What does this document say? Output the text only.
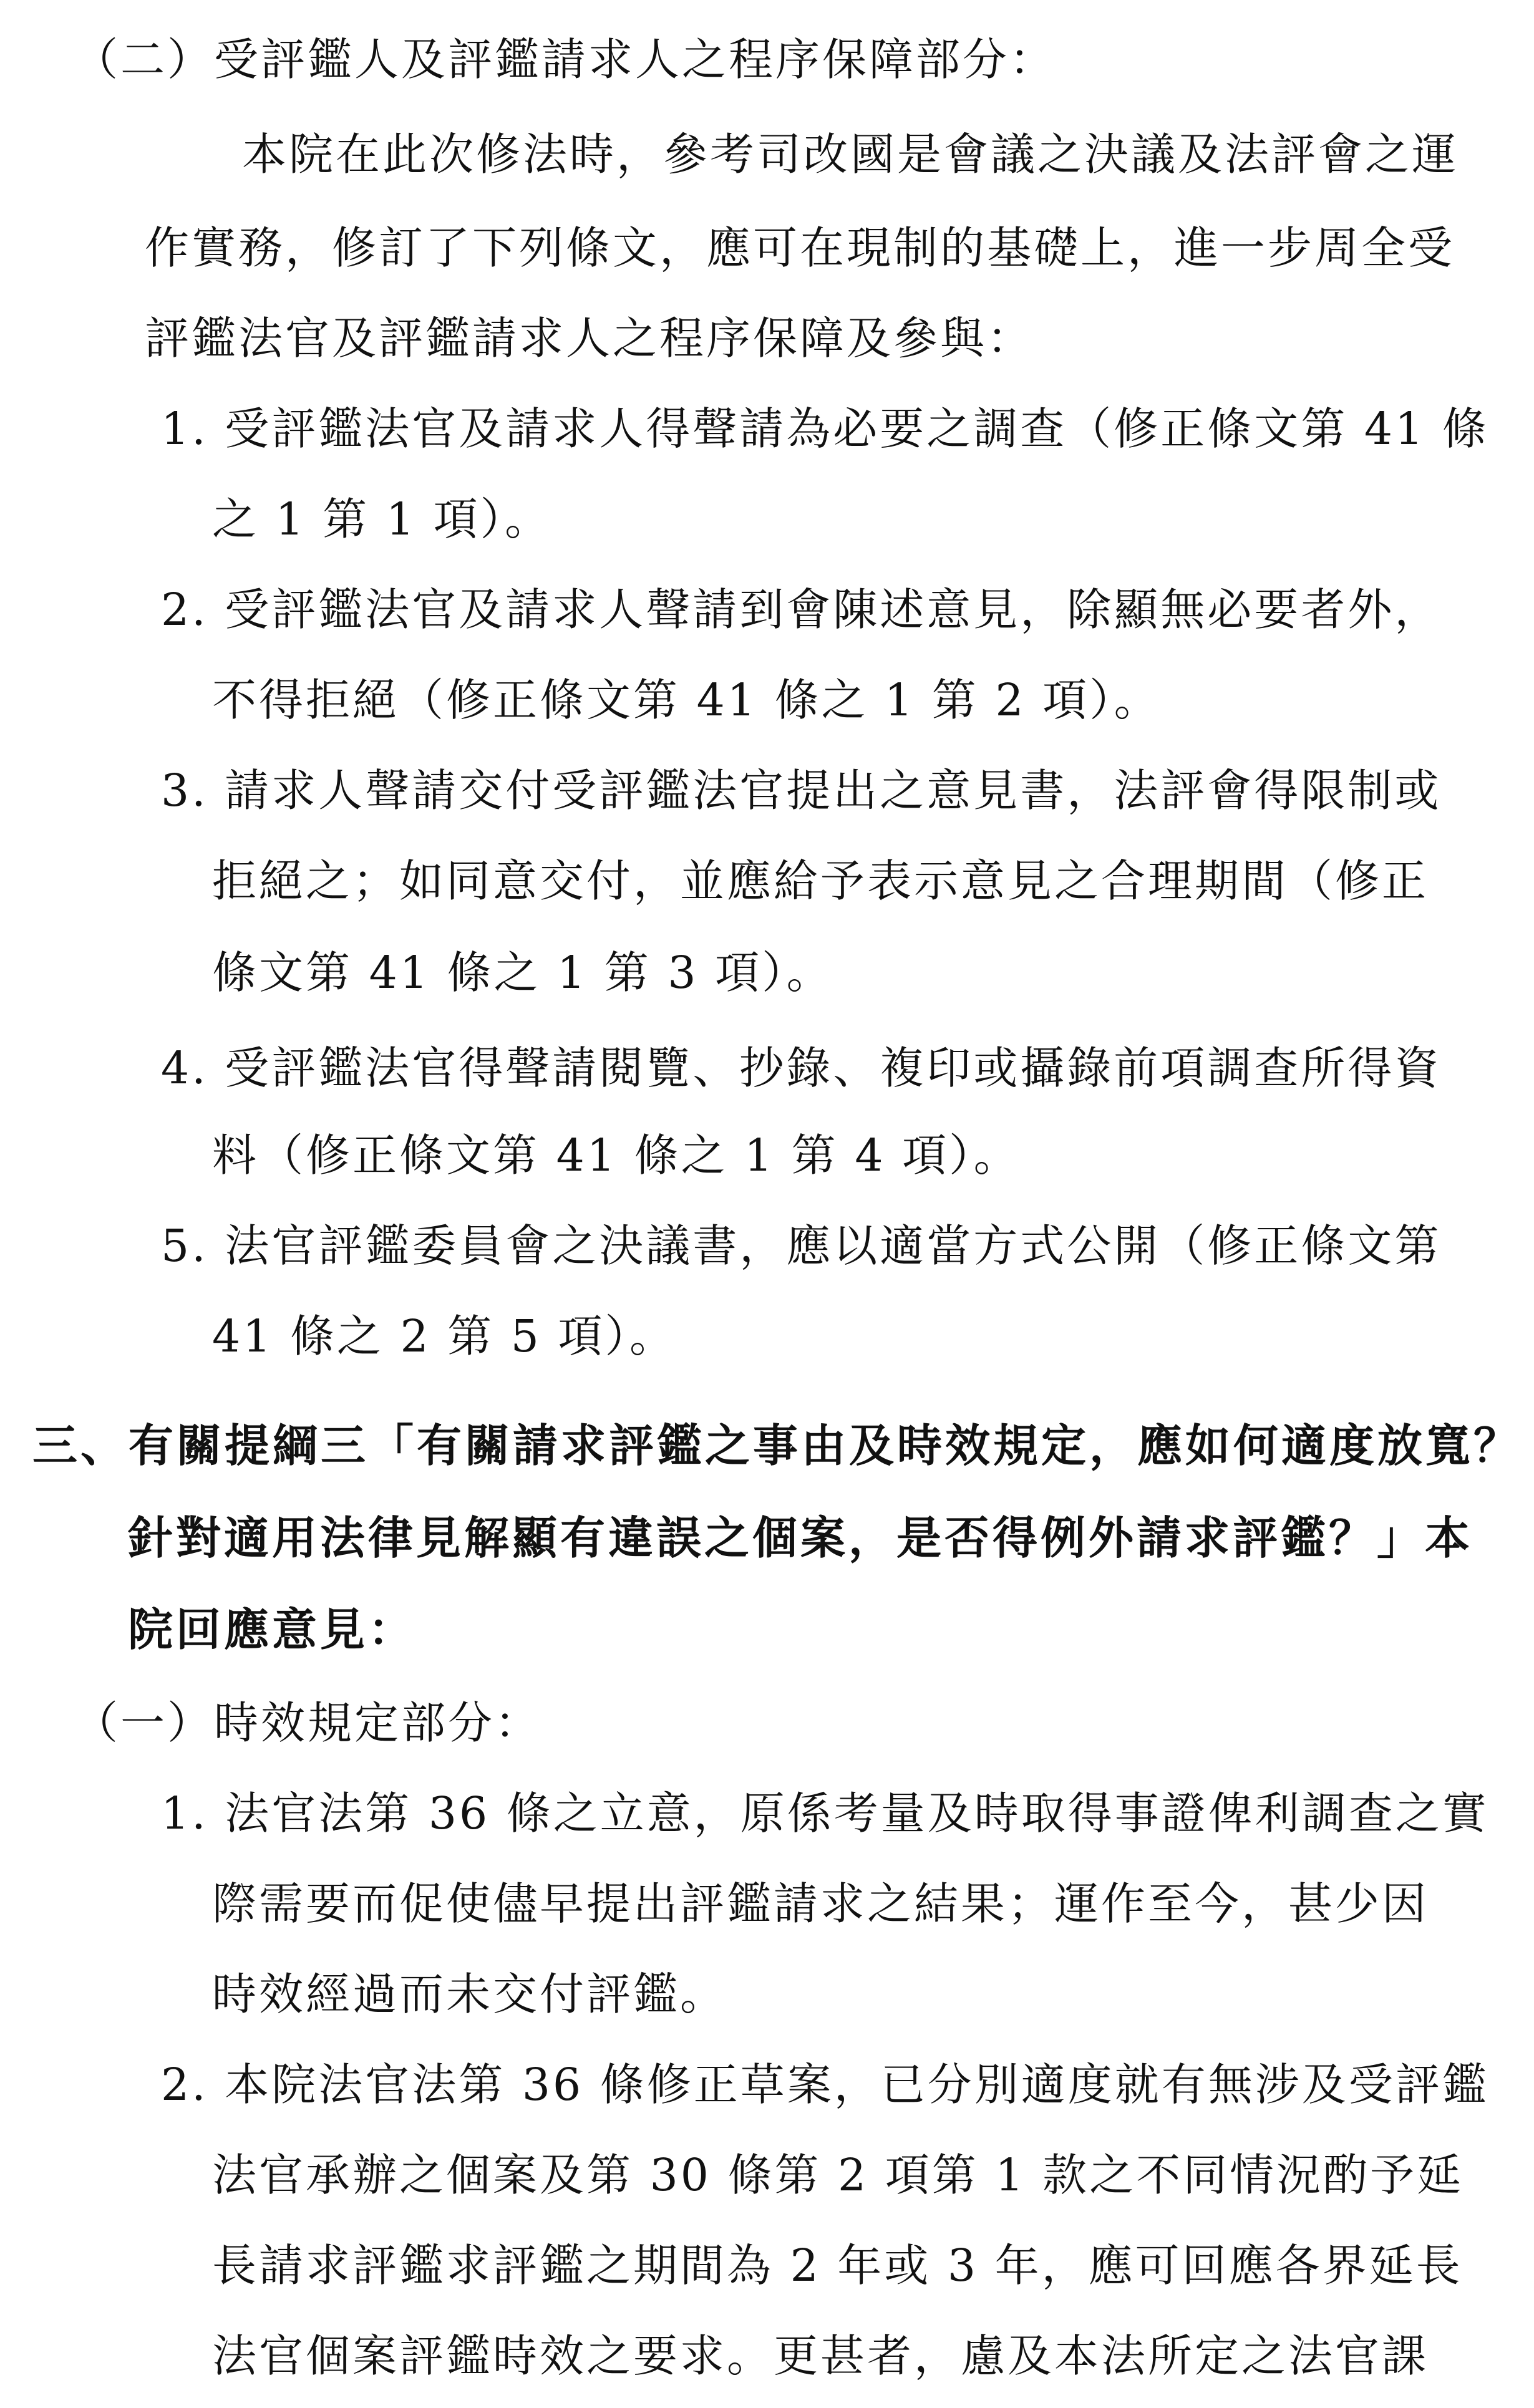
（二）受評鑑人及評鑑請求人之程序保障部分：
本院在此次修法時，參考司改國是會議之決議及法評會之運
作實務，修訂了下列條文，應可在現制的基礎上，進一步周全受
評鑑法官及評鑑請求人之程序保障及參與：
1. 受評鑑法官及請求人得聲請為必要之調查（修正條文第 41 條
之 1 第 1 項）。
2. 受評鑑法官及請求人聲請到會陳述意見，除顯無必要者外，
不得拒絕（修正條文第 41 條之 1 第 2 項）。
3. 請求人聲請交付受評鑑法官提出之意見書，法評會得限制或
拒絕之；如同意交付，並應給予表示意見之合理期間（修正
條文第 41 條之 1 第 3 項）。
4. 受評鑑法官得聲請閱覽、抄錄、複印或攝錄前項調查所得資
料（修正條文第 41 條之 1 第 4 項）。
5. 法官評鑑委員會之決議書，應以適當方式公開（修正條文第
41 條之 2 第 5 項）。
三、有關提綱三「有關請求評鑑之事由及時效規定，應如何適度放寬？
針對適用法律見解顯有違誤之個案，是否得例外請求評鑑？」本
院回應意見：
（一）時效規定部分：
1. 法官法第 36 條之立意，原係考量及時取得事證俾利調查之實
際需要而促使儘早提出評鑑請求之結果；運作至今，甚少因
時效經過而未交付評鑑。
2. 本院法官法第 36 條修正草案，已分別適度就有無涉及受評鑑
法官承辦之個案及第 30 條第 2 項第 1 款之不同情況酌予延
長請求評鑑求評鑑之期間為 2 年或 3 年，應可回應各界延長
法官個案評鑑時效之要求。更甚者，慮及本法所定之法官課
